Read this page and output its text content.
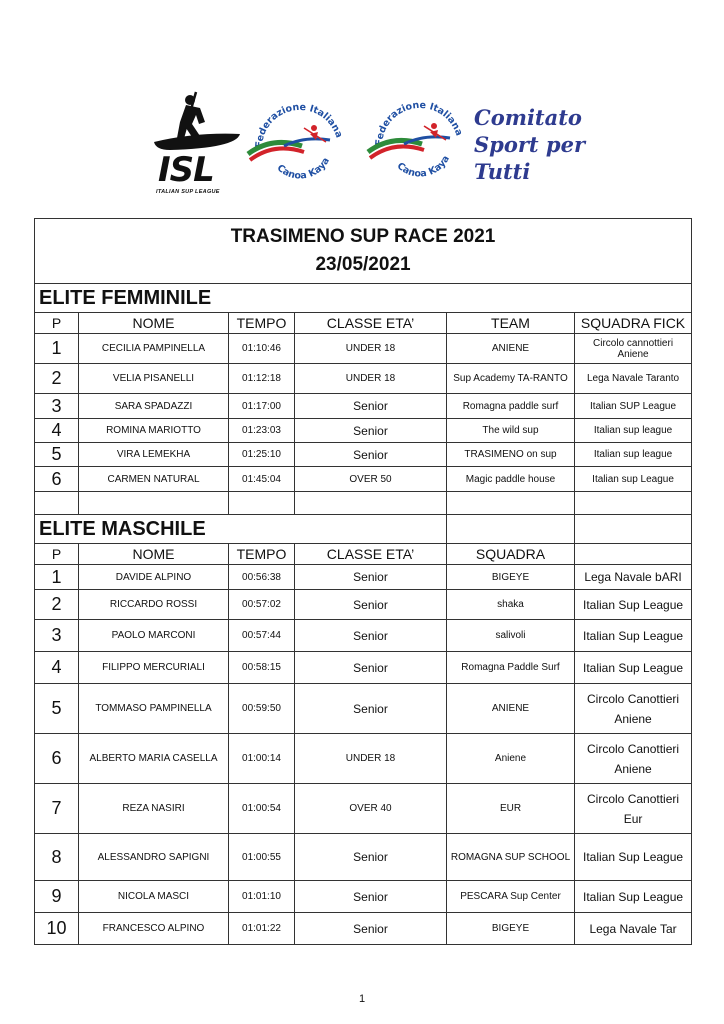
ISL
ITALIAN SUP LEAGUE
Federazione Italiana
Canoa Kaya
Federazione Italiana
Canoa Kaya
Comitato
Sport per
Tutti
TRASIMENO SUP RACE 2021
23/05/2021					

ELITE FEMMINILE					
P	NOME	TEMPO	CLASSE ETA’	TEAM	SQUADRA FICK
1	CECILIA PAMPINELLA	01:10:46	UNDER 18	ANIENE	Circolo cannottieri Aniene
2	VELIA PISANELLI	01:12:18	UNDER 18	Sup Academy TA-RANTO	Lega Navale Taranto
3	SARA SPADAZZI	01:17:00	Senior	Romagna paddle surf	Italian SUP League
4	ROMINA MARIOTTO	01:23:03	Senior	The wild sup	Italian sup league
5	VIRA LEMEKHA	01:25:10	Senior	TRASIMENO on sup	Italian sup league
6	CARMEN NATURAL	01:45:04	OVER 50	Magic paddle house	Italian sup League

ELITE MASCHILE					
P	NOME	TEMPO	CLASSE ETA’	SQUADRA	
1	DAVIDE ALPINO	00:56:38	Senior	BIGEYE	Lega Navale bARI
2	RICCARDO ROSSI	00:57:02	Senior	shaka	Italian Sup League
3	PAOLO MARCONI	00:57:44	Senior	salivoli	Italian Sup League
4	FILIPPO MERCURIALI	00:58:15	Senior	Romagna Paddle Surf	Italian Sup League
5	TOMMASO PAMPINELLA	00:59:50	Senior	ANIENE	Circolo Canottieri Aniene
6	ALBERTO MARIA CASELLA	01:00:14	UNDER 18	Aniene	Circolo Canottieri Aniene
7	REZA NASIRI	01:00:54	OVER 40	EUR	Circolo Canottieri Eur
8	ALESSANDRO SAPIGNI	01:00:55	Senior	ROMAGNA SUP SCHOOL	Italian Sup League
9	NICOLA MASCI	01:01:10	Senior	PESCARA Sup Center	Italian Sup League
10	FRANCESCO ALPINO	01:01:22	Senior	BIGEYE	Lega Navale Tar
1
